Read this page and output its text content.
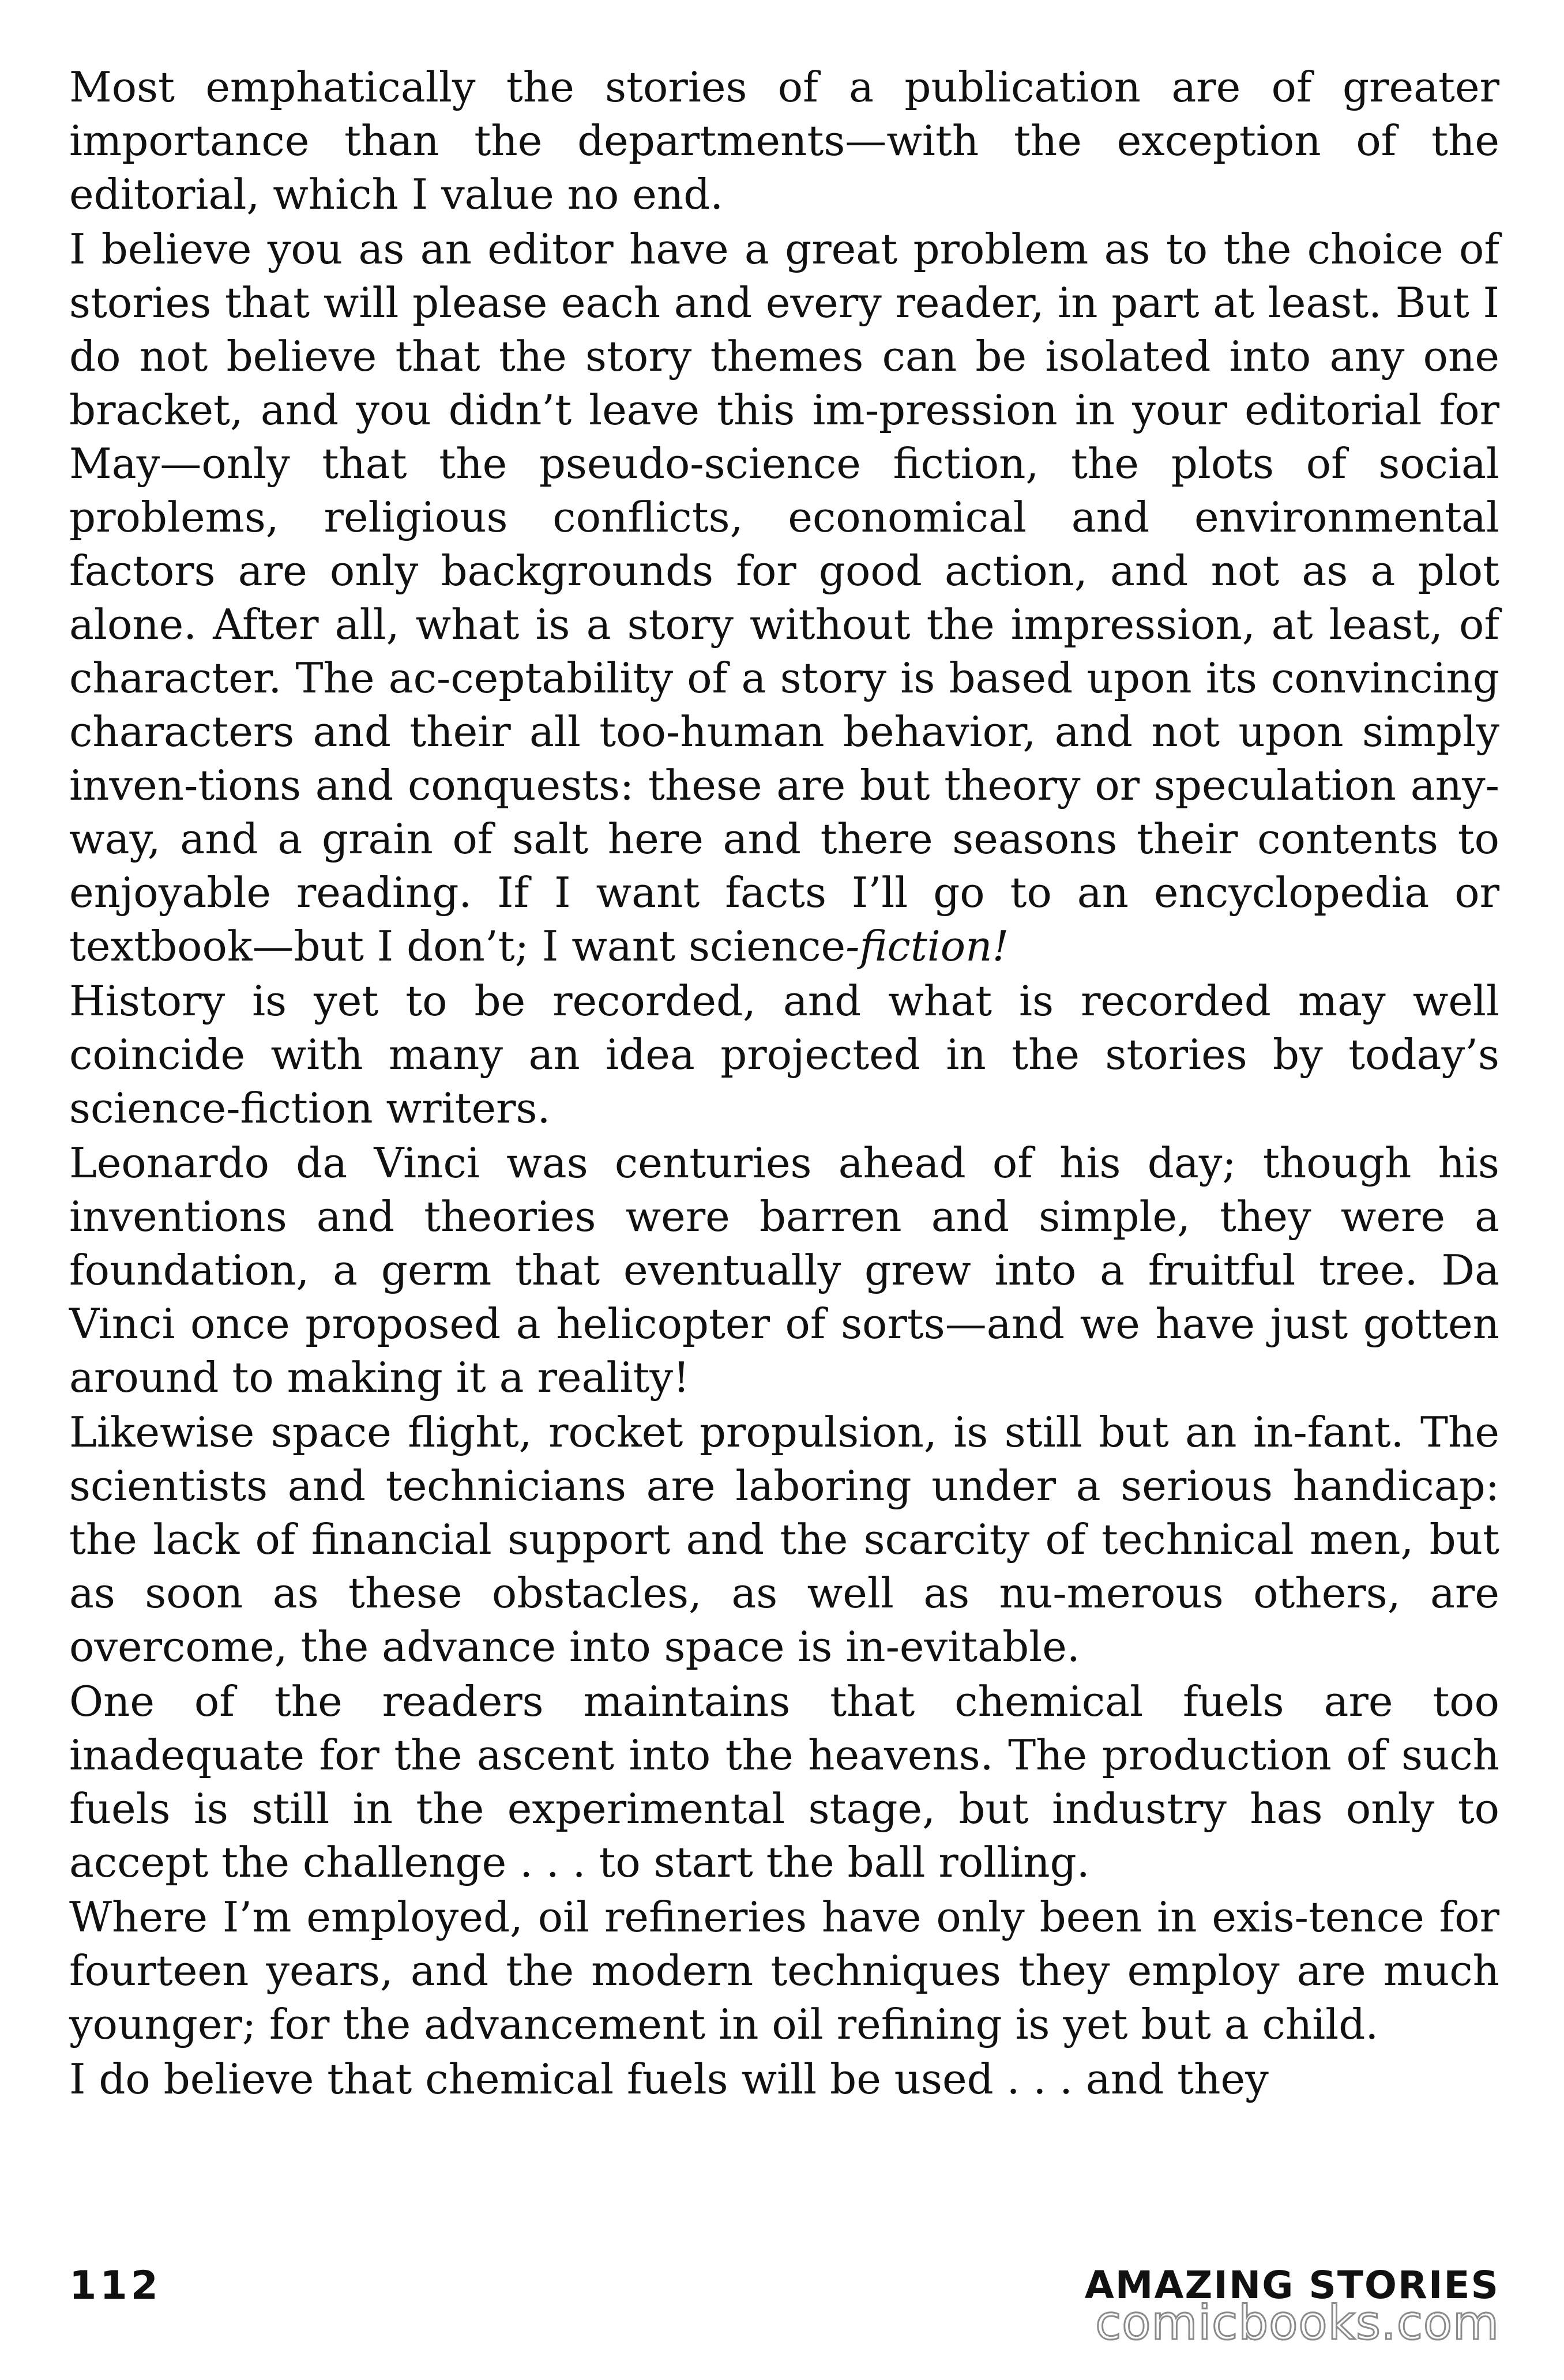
Most emphatically the stories of a publication are of greater importance than the departments—with the exception of the editorial, which I value no end.

I believe you as an editor have a great problem as to the choice of stories that will please each and every reader, in part at least. But I do not believe that the story themes can be isolated into any one bracket, and you didn’t leave this im-pression in your editorial for May—only that the pseudo-science fiction, the plots of social problems, religious conflicts, economical and environmental factors are only backgrounds for good action, and not as a plot alone. After all, what is a story without the impression, at least, of character. The ac-ceptability of a story is based upon its convincing characters and their all too-human behavior, and not upon simply inven-tions and conquests: these are but theory or speculation any-way, and a grain of salt here and there seasons their contents to enjoyable reading. If I want facts I’ll go to an encyclopedia or textbook—but I don’t; I want science-fiction!

History is yet to be recorded, and what is recorded may well coincide with many an idea projected in the stories by today’s science-fiction writers.

Leonardo da Vinci was centuries ahead of his day; though his inventions and theories were barren and simple, they were a foundation, a germ that eventually grew into a fruitful tree. Da Vinci once proposed a helicopter of sorts—and we have just gotten around to making it a reality!

Likewise space flight, rocket propulsion, is still but an in-fant. The scientists and technicians are laboring under a serious handicap: the lack of financial support and the scarcity of technical men, but as soon as these obstacles, as well as nu-merous others, are overcome, the advance into space is in-evitable.

One of the readers maintains that chemical fuels are too inadequate for the ascent into the heavens. The production of such fuels is still in the experimental stage, but industry has only to accept the challenge . . . to start the ball rolling.

Where I’m employed, oil refineries have only been in exis-tence for fourteen years, and the modern techniques they employ are much younger; for the advancement in oil refining is yet but a child.

I do believe that chemical fuels will be used . . . and they

112	AMAZING STORIES
comicbooks.com
